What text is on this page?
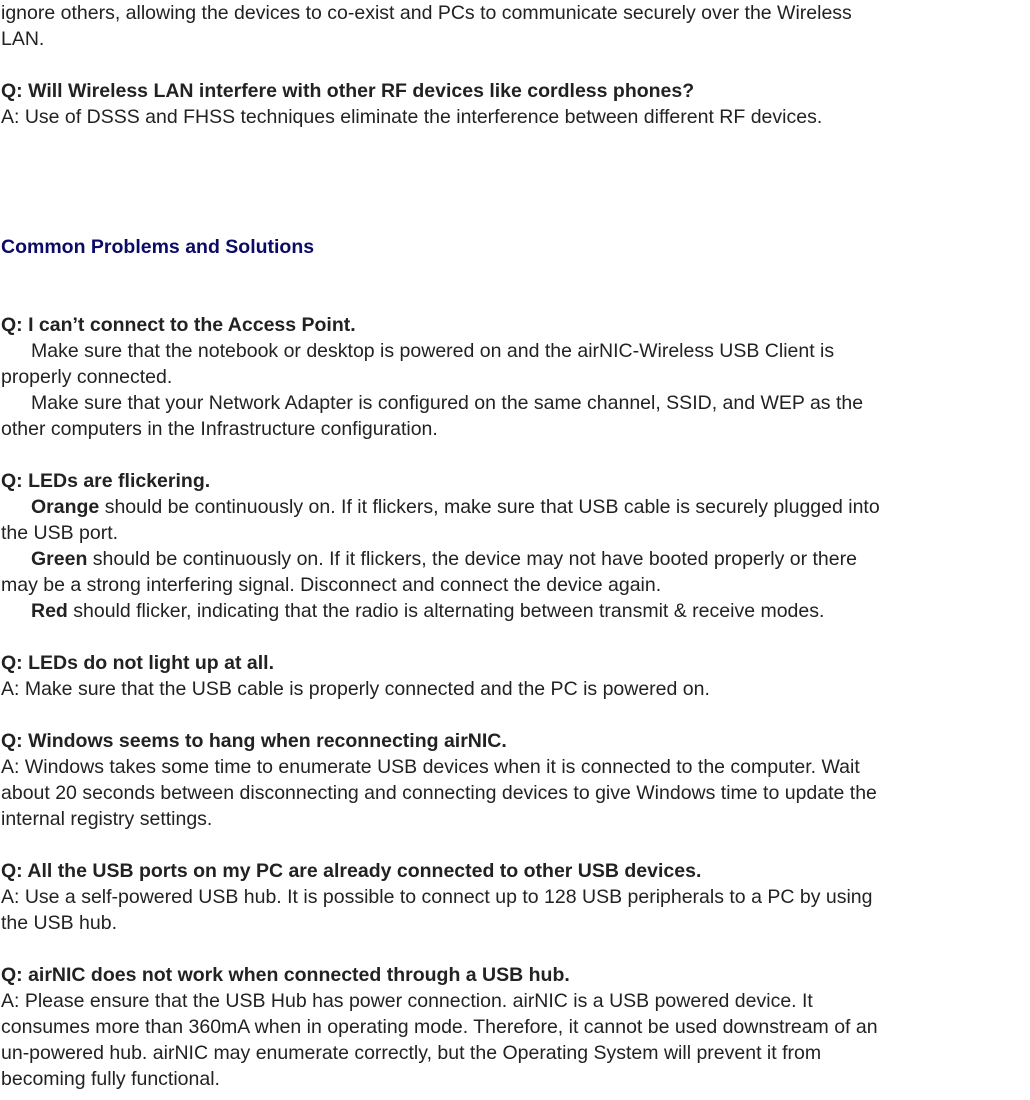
ignore others, allowing the devices to co-exist and PCs to communicate securely over the Wireless

LAN.

Q: Will Wireless LAN interfere with other RF devices like cordless phones?

A: Use of DSSS and FHSS techniques eliminate the interference between different RF devices.

Common Problems and Solutions

Q: I can’t connect to the Access Point.

Make sure that the notebook or desktop is powered on and the airNIC-Wireless USB Client is

properly connected.

Make sure that your Network Adapter is configured on the same channel, SSID, and WEP as the

other computers in the Infrastructure configuration.

Q: LEDs are flickering.

Orange should be continuously on. If it flickers, make sure that USB cable is securely plugged into

the USB port.

Green should be continuously on. If it flickers, the device may not have booted properly or there

may be a strong interfering signal. Disconnect and connect the device again.

Red should flicker, indicating that the radio is alternating between transmit & receive modes.

Q: LEDs do not light up at all.

A: Make sure that the USB cable is properly connected and the PC is powered on.

Q: Windows seems to hang when reconnecting airNIC.

A: Windows takes some time to enumerate USB devices when it is connected to the computer. Wait

about 20 seconds between disconnecting and connecting devices to give Windows time to update the

internal registry settings.

Q: All the USB ports on my PC are already connected to other USB devices.

A: Use a self-powered USB hub. It is possible to connect up to 128 USB peripherals to a PC by using

the USB hub.

Q: airNIC does not work when connected through a USB hub.

A: Please ensure that the USB Hub has power connection. airNIC is a USB powered device. It

consumes more than 360mA when in operating mode. Therefore, it cannot be used downstream of an

un-powered hub. airNIC may enumerate correctly, but the Operating System will prevent it from

becoming fully functional.
